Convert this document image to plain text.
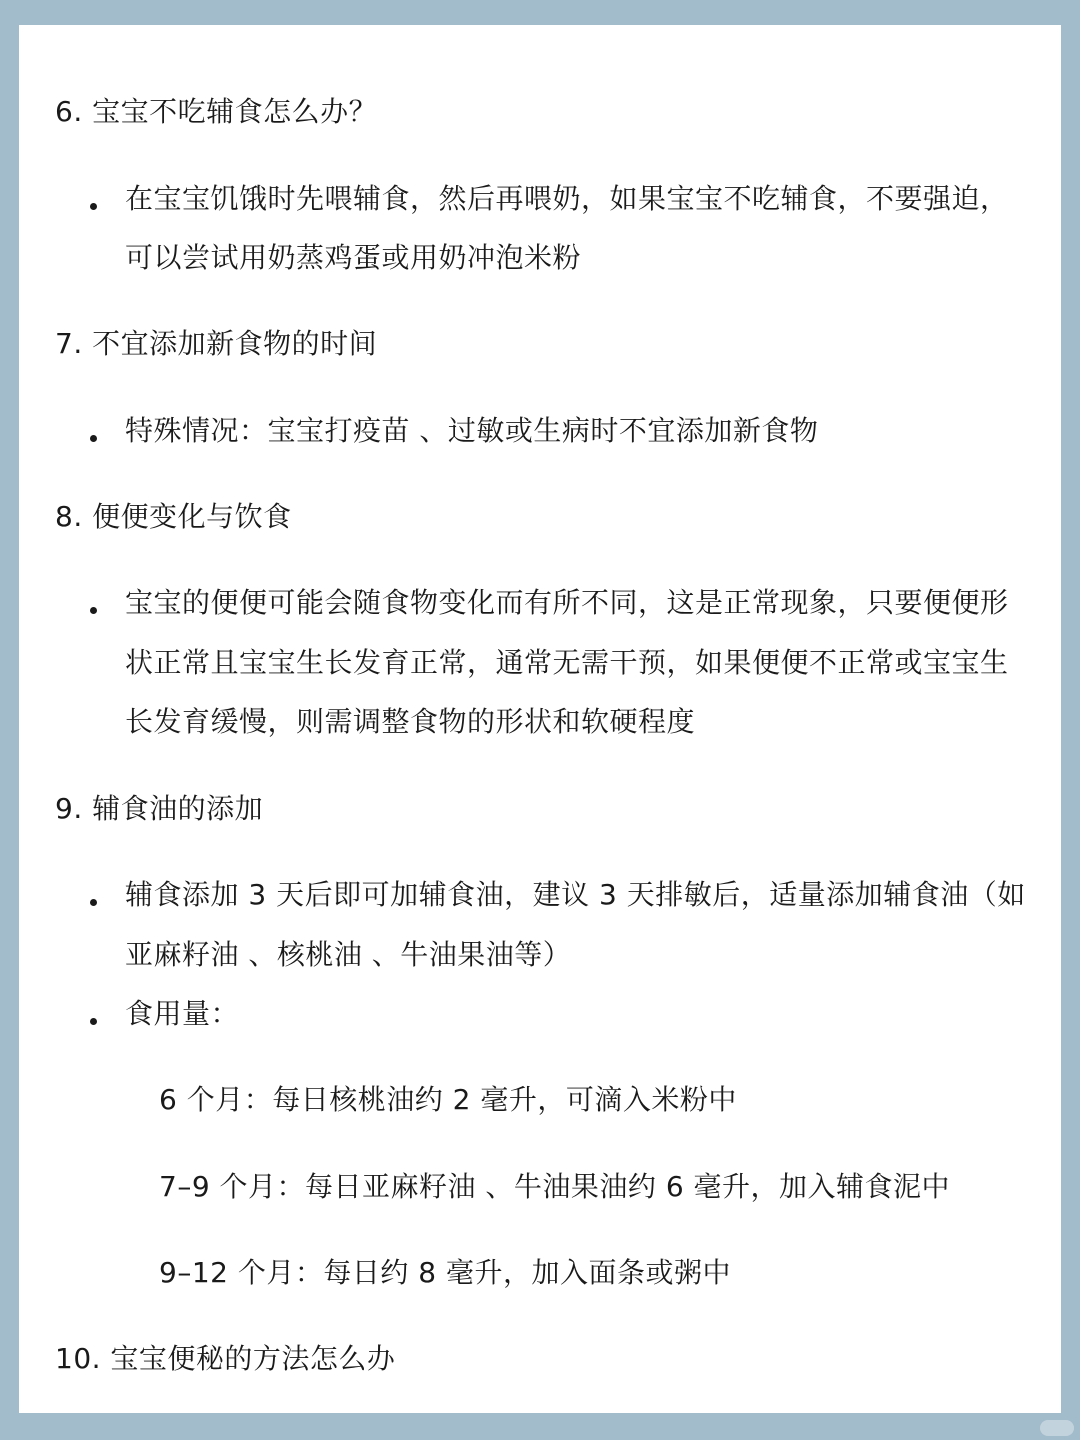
6. 宝宝不吃辅食怎么办？
在宝宝饥饿时先喂辅食，然后再喂奶，如果宝宝不吃辅食，不要强迫，
可以尝试用奶蒸鸡蛋或用奶冲泡米粉
7. 不宜添加新食物的时间
特殊情况：宝宝打疫苗 、过敏或生病时不宜添加新食物
8. 便便变化与饮食
宝宝的便便可能会随食物变化而有所不同，这是正常现象，只要便便形
状正常且宝宝生长发育正常，通常无需干预，如果便便不正常或宝宝生
长发育缓慢，则需调整食物的形状和软硬程度
9. 辅食油的添加
辅食添加 3 天后即可加辅食油，建议 3 天排敏后，适量添加辅食油（如
亚麻籽油 、核桃油 、牛油果油等）
食用量：
6 个月：每日核桃油约 2 毫升，可滴入米粉中
7–9 个月：每日亚麻籽油 、牛油果油约 6 毫升，加入辅食泥中
9–12 个月：每日约 8 毫升，加入面条或粥中
10. 宝宝便秘的方法怎么办
